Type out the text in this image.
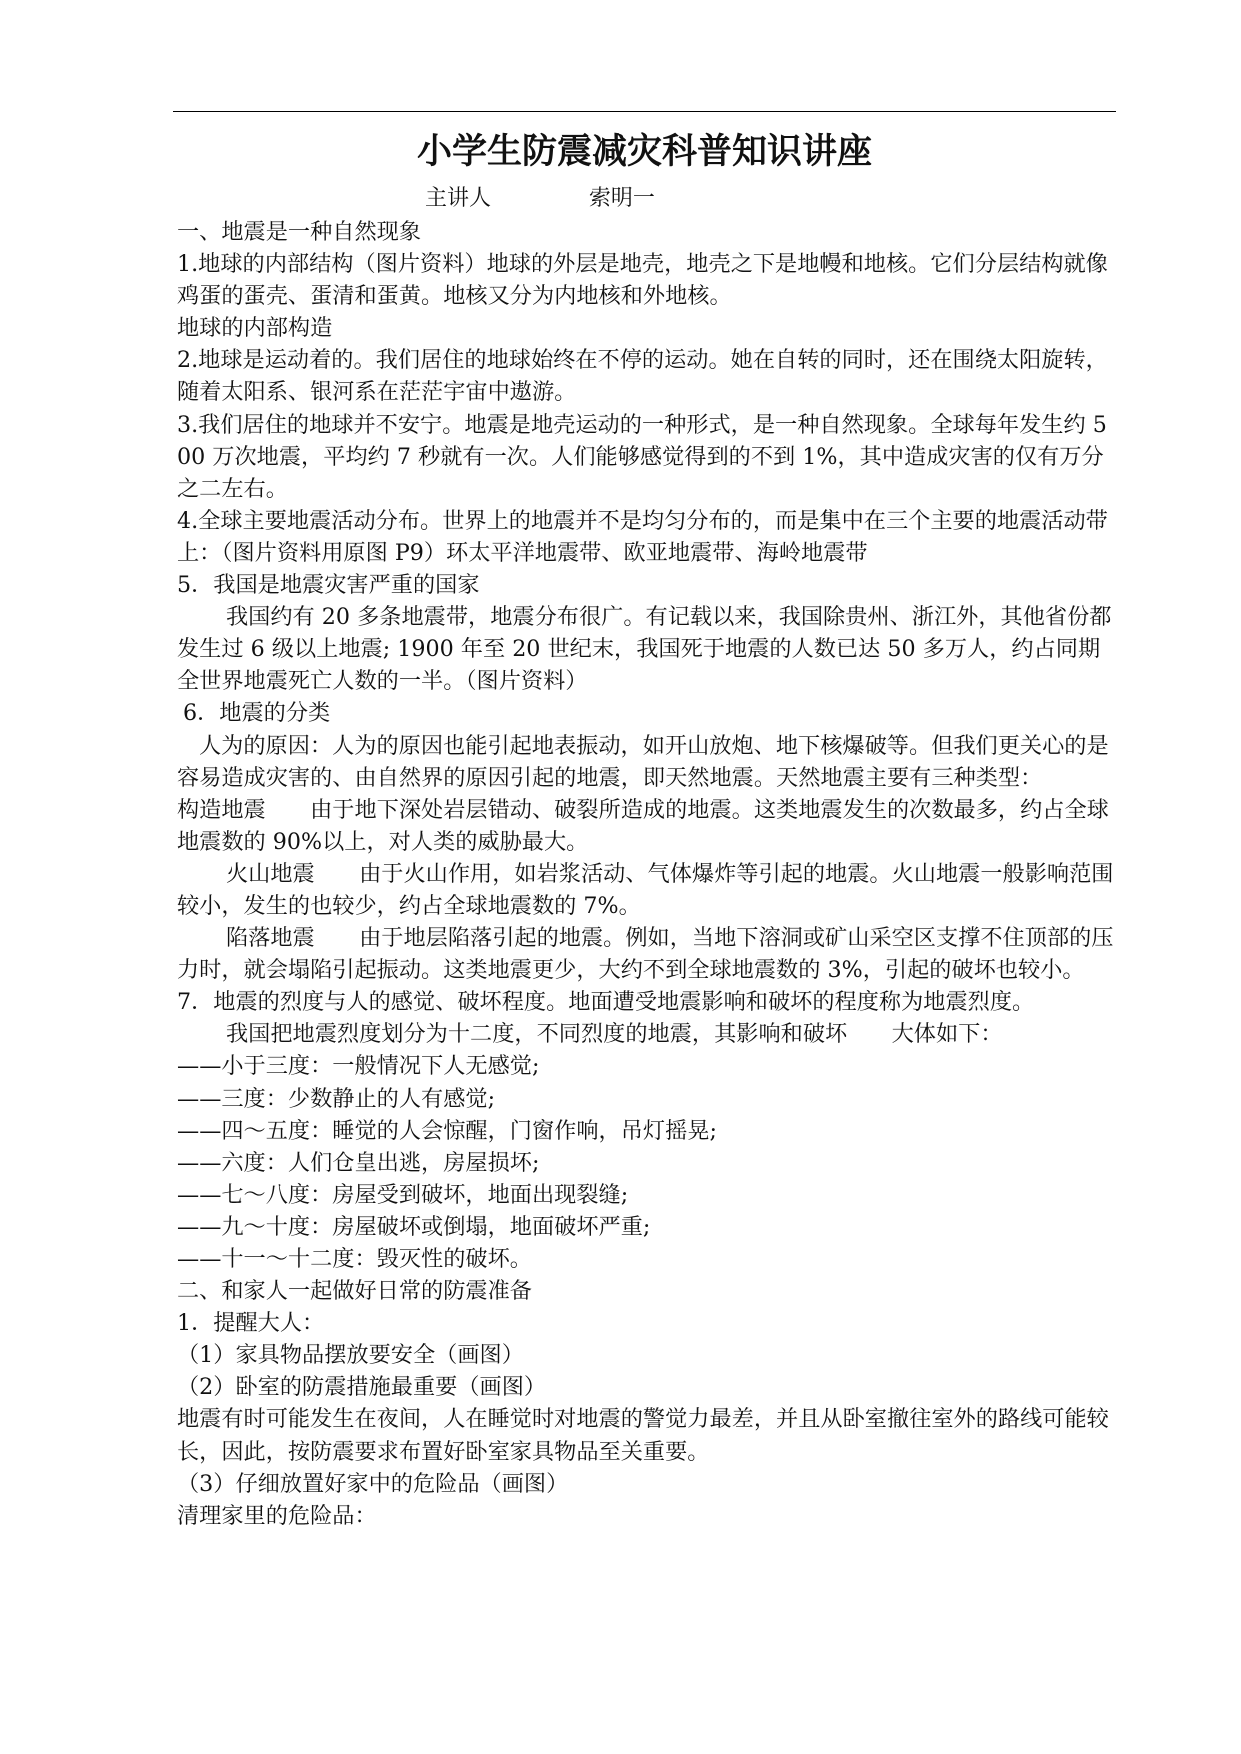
小学生防震减灾科普知识讲座
主讲人	索明一
一、地震是一种自然现象
1.地球的内部结构（图片资料）地球的外层是地壳，地壳之下是地幔和地核。它们分层结构就像鸡蛋的蛋壳、蛋清和蛋黄。地核又分为内地核和外地核。
地球的内部构造
2.地球是运动着的。我们居住的地球始终在不停的运动。她在自转的同时，还在围绕太阳旋转，随着太阳系、银河系在茫茫宇宙中遨游。
3.我们居住的地球并不安宁。地震是地壳运动的一种形式，是一种自然现象。全球每年发生约 500 万次地震，平均约 7 秒就有一次。人们能够感觉得到的不到 1%，其中造成灾害的仅有万分之二左右。
4.全球主要地震活动分布。世界上的地震并不是均匀分布的，而是集中在三个主要的地震活动带上：（图片资料用原图 P9）环太平洋地震带、欧亚地震带、海岭地震带
5．我国是地震灾害严重的国家
我国约有 20 多条地震带，地震分布很广。有记载以来，我国除贵州、浙江外，其他省份都发生过 6 级以上地震; 1900 年至 20 世纪末，我国死于地震的人数已达 50 多万人，约占同期全世界地震死亡人数的一半。（图片资料）
6．地震的分类
人为的原因：人为的原因也能引起地表振动，如开山放炮、地下核爆破等。但我们更关心的是容易造成灾害的、由自然界的原因引起的地震，即天然地震。天然地震主要有三种类型：
构造地震　　由于地下深处岩层错动、破裂所造成的地震。这类地震发生的次数最多，约占全球地震数的 90%以上，对人类的威胁最大。
火山地震　　由于火山作用，如岩浆活动、气体爆炸等引起的地震。火山地震一般影响范围较小，发生的也较少，约占全球地震数的 7%。
陷落地震　　由于地层陷落引起的地震。例如，当地下溶洞或矿山采空区支撑不住顶部的压力时，就会塌陷引起振动。这类地震更少，大约不到全球地震数的 3%，引起的破坏也较小。
7．地震的烈度与人的感觉、破坏程度。地面遭受地震影响和破坏的程度称为地震烈度。
我国把地震烈度划分为十二度，不同烈度的地震，其影响和破坏　　大体如下：
——小于三度：一般情况下人无感觉;
——三度：少数静止的人有感觉;
——四～五度：睡觉的人会惊醒，门窗作响，吊灯摇晃;
——六度：人们仓皇出逃，房屋损坏;
——七～八度：房屋受到破坏，地面出现裂缝;
——九～十度：房屋破坏或倒塌，地面破坏严重;
——十一～十二度：毁灭性的破坏。
二、和家人一起做好日常的防震准备
1．提醒大人：
（1）家具物品摆放要安全（画图）
（2）卧室的防震措施最重要（画图）
地震有时可能发生在夜间，人在睡觉时对地震的警觉力最差，并且从卧室撤往室外的路线可能较长，因此，按防震要求布置好卧室家具物品至关重要。
（3）仔细放置好家中的危险品（画图）
清理家里的危险品：
